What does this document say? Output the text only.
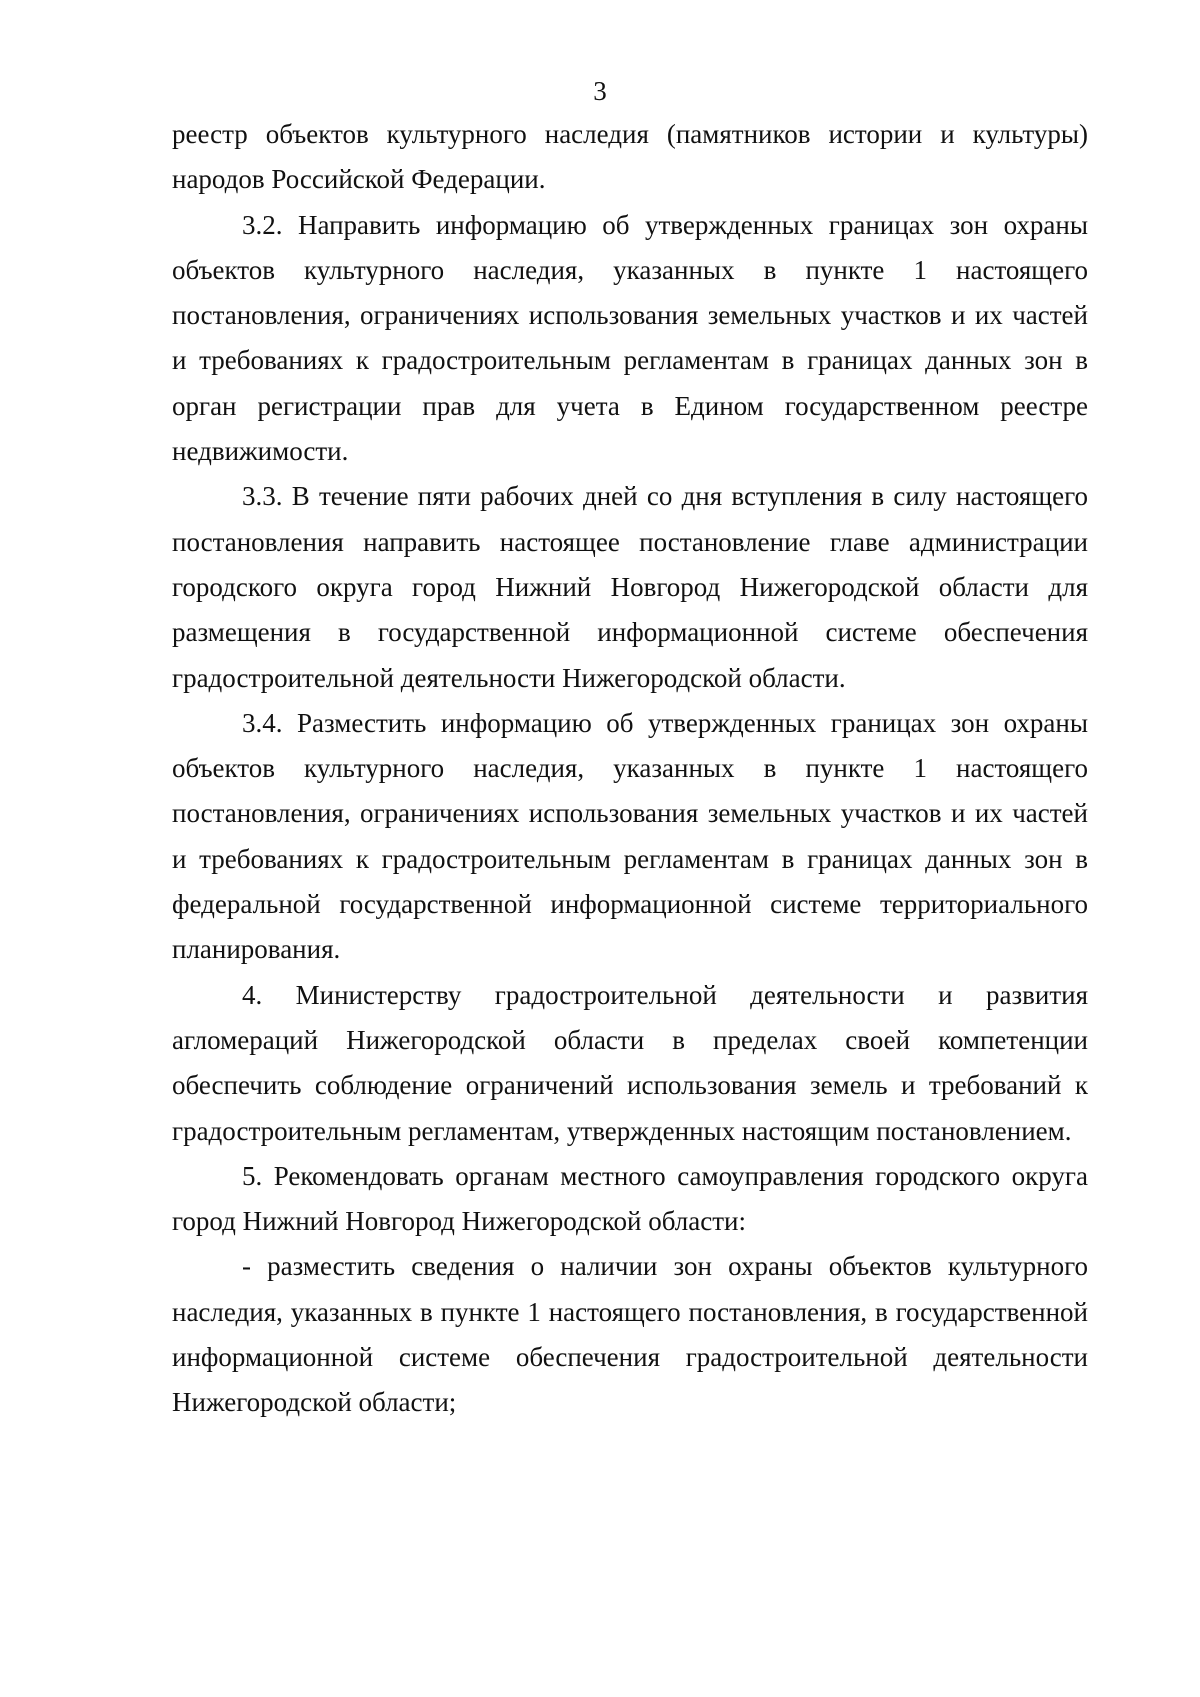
3

реестр объектов культурного наследия (памятников истории и культуры) народов Российской Федерации.

3.2. Направить информацию об утвержденных границах зон охраны объектов культурного наследия, указанных в пункте 1 настоящего постановления, ограничениях использования земельных участков и их частей и требованиях к градостроительным регламентам в границах данных зон в орган регистрации прав для учета в Едином государственном реестре недвижимости.

3.3. В течение пяти рабочих дней со дня вступления в силу настоящего постановления направить настоящее постановление главе администрации городского округа город Нижний Новгород Нижегородской области для размещения в государственной информационной системе обеспечения градостроительной деятельности Нижегородской области.

3.4. Разместить информацию об утвержденных границах зон охраны объектов культурного наследия, указанных в пункте 1 настоящего постановления, ограничениях использования земельных участков и их частей и требованиях к градостроительным регламентам в границах данных зон в федеральной государственной информационной системе территориального планирования.

4. Министерству градостроительной деятельности и развития агломераций Нижегородской области в пределах своей компетенции обеспечить соблюдение ограничений использования земель и требований к градостроительным регламентам, утвержденных настоящим постановлением.

5. Рекомендовать органам местного самоуправления городского округа город Нижний Новгород Нижегородской области:

- разместить сведения о наличии зон охраны объектов культурного наследия, указанных в пункте 1 настоящего постановления, в государственной информационной системе обеспечения градостроительной деятельности Нижегородской области;
